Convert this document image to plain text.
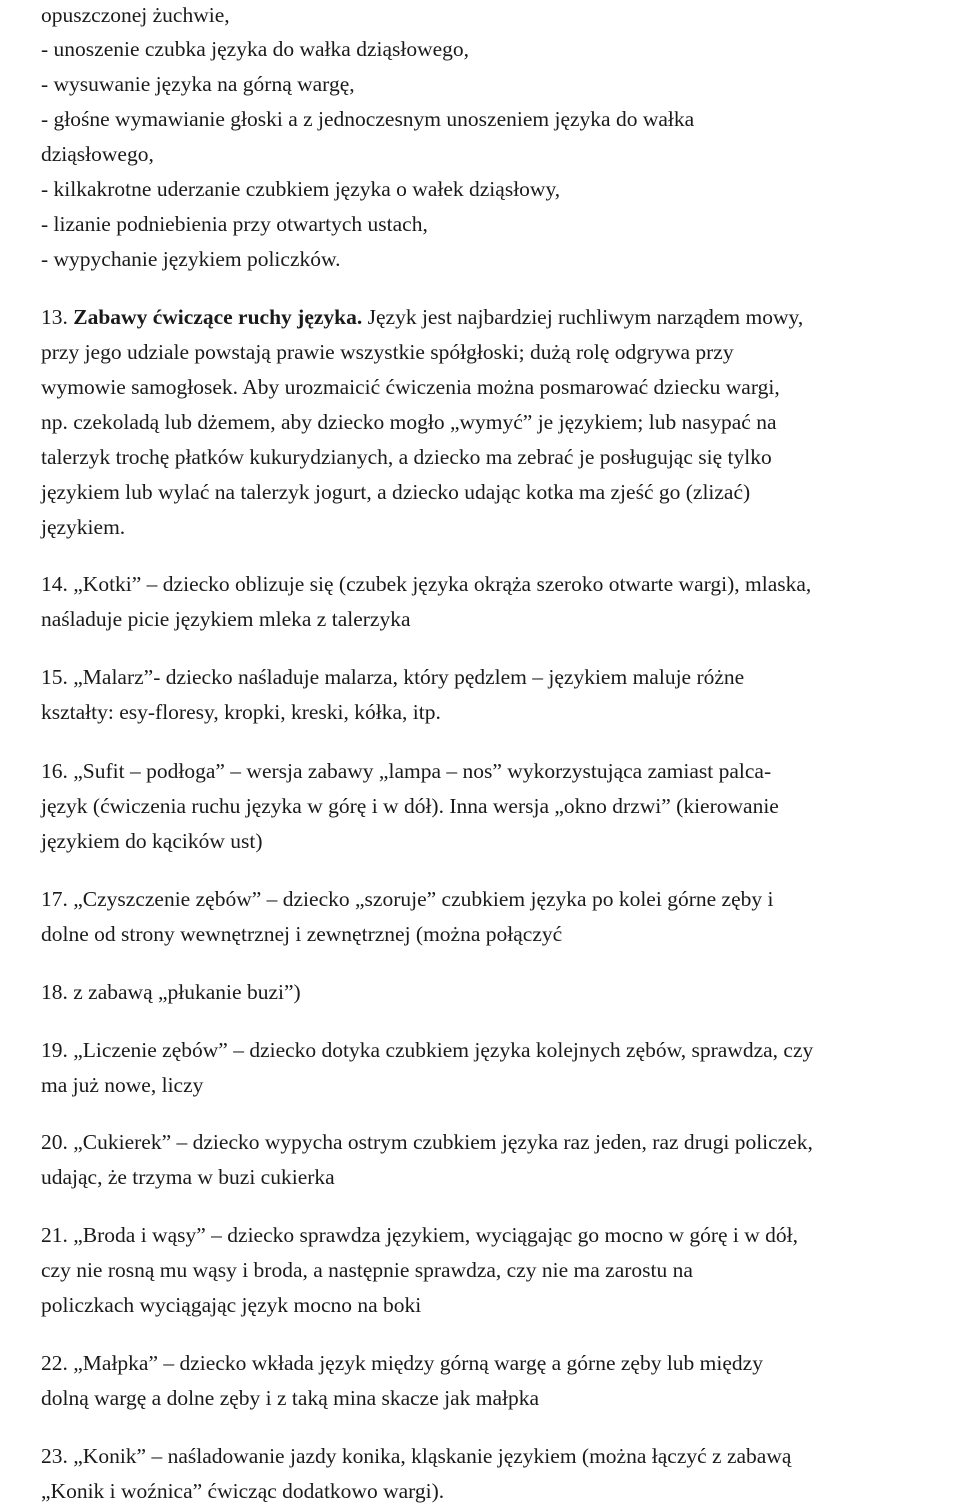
opuszczonej żuchwie,
- unoszenie czubka języka do wałka dziąsłowego,
- wysuwanie języka na górną wargę,
- głośne wymawianie głoski a z jednoczesnym unoszeniem języka do wałka
dziąsłowego,
- kilkakrotne uderzanie czubkiem języka o wałek dziąsłowy,
- lizanie podniebienia przy otwartych ustach,
- wypychanie językiem policzków.
13. Zabawy ćwiczące ruchy języka. Język jest najbardziej ruchliwym narządem mowy,
przy jego udziale powstają prawie wszystkie spółgłoski; dużą rolę odgrywa przy
wymowie samogłosek. Aby urozmaicić ćwiczenia można posmarować dziecku wargi,
np. czekoladą lub dżemem, aby dziecko mogło „wymyć” je językiem; lub nasypać na
talerzyk trochę płatków kukurydzianych, a dziecko ma zebrać je posługując się tylko
językiem lub wylać na talerzyk jogurt, a dziecko udając kotka ma zjeść go (zlizać)
językiem.
14. „Kotki” – dziecko oblizuje się (czubek języka okrąża szeroko otwarte wargi), mlaska,
naśladuje picie językiem mleka z talerzyka
15. „Malarz”- dziecko naśladuje malarza, który pędzlem – językiem maluje różne
kształty: esy-floresy, kropki, kreski, kółka, itp.
16. „Sufit – podłoga” – wersja zabawy „lampa – nos” wykorzystująca zamiast palca-
język (ćwiczenia ruchu języka w górę i w dół). Inna wersja „okno drzwi” (kierowanie
językiem do kącików ust)
17. „Czyszczenie zębów” – dziecko „szoruje” czubkiem języka po kolei górne zęby i
dolne od strony wewnętrznej i zewnętrznej (można połączyć
18. z zabawą „płukanie buzi”)
19. „Liczenie zębów” – dziecko dotyka czubkiem języka kolejnych zębów, sprawdza, czy
ma już nowe, liczy
20. „Cukierek” – dziecko wypycha ostrym czubkiem języka raz jeden, raz drugi policzek,
udając, że trzyma w buzi cukierka
21. „Broda i wąsy” – dziecko sprawdza językiem, wyciągając go mocno w górę i w dół,
czy nie rosną mu wąsy i broda, a następnie sprawdza, czy nie ma zarostu na
policzkach wyciągając język mocno na boki
22. „Małpka” – dziecko wkłada język między górną wargę a górne zęby lub między
dolną wargę a dolne zęby i z taką mina skacze jak małpka
23. „Konik” – naśladowanie jazdy konika, kląskanie językiem (można łączyć z zabawą
„Konik i woźnica” ćwicząc dodatkowo wargi).
